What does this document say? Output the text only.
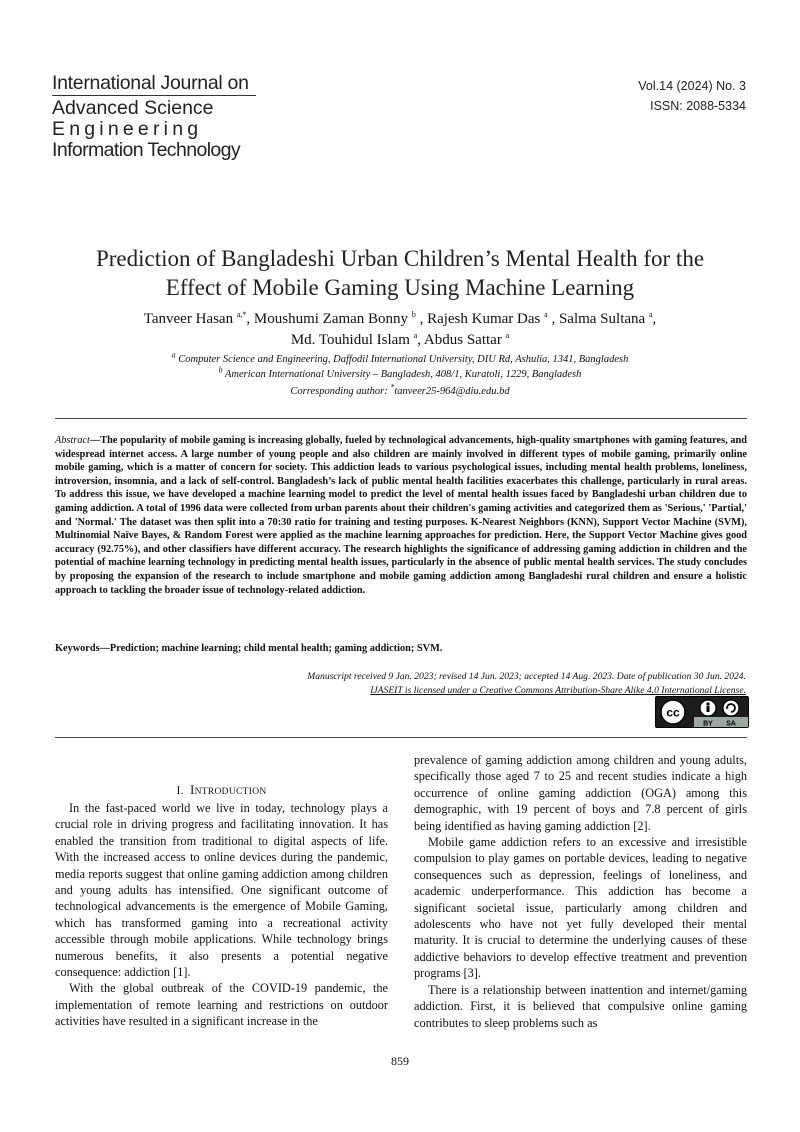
International Journal on
Advanced Science
Engineering
Information Technology
Vol.14 (2024) No. 3
ISSN: 2088-5334
Prediction of Bangladeshi Urban Children’s Mental Health for the
Effect of Mobile Gaming Using Machine Learning
Tanveer Hasan $^{a,*}$, Moushumi Zaman Bonny $^b$ , Rajesh Kumar Das $^a$ , Salma Sultana $^a$,
Md. Touhidul Islam $^a$, Abdus Sattar $^a$
$^a$ Computer Science and Engineering, Daffodil International University, DIU Rd, Ashulia, 1341, Bangladesh
$^b$ American International University – Bangladesh, 408/1, Kuratoli, 1229, Bangladesh
Corresponding author: *tanveer25-964@diu.edu.bd
Abstract—The popularity of mobile gaming is increasing globally, fueled by technological advancements, high-quality smartphones with gaming features, and widespread internet access. A large number of young people and also children are mainly involved in different types of mobile gaming, primarily online mobile gaming, which is a matter of concern for society. This addiction leads to various psychological issues, including mental health problems, loneliness, introversion, insomnia, and a lack of self-control. Bangladesh’s lack of public mental health facilities exacerbates this challenge, particularly in rural areas. To address this issue, we have developed a machine learning model to predict the level of mental health issues faced by Bangladeshi urban children due to gaming addiction. A total of 1996 data were collected from urban parents about their children's gaming activities and categorized them as 'Serious,' 'Partial,' and 'Normal.' The dataset was then split into a 70:30 ratio for training and testing purposes. K-Nearest Neighbors (KNN), Support Vector Machine (SVM), Multinomial Naïve Bayes, & Random Forest were applied as the machine learning approaches for prediction. Here, the Support Vector Machine gives good accuracy (92.75%), and other classifiers have different accuracy. The research highlights the significance of addressing gaming addiction in children and the potential of machine learning technology in predicting mental health issues, particularly in the absence of public mental health services. The study concludes by proposing the expansion of the research to include smartphone and mobile gaming addiction among Bangladeshi rural children and ensure a holistic approach to tackling the broader issue of technology-related addiction.
Keywords—Prediction; machine learning; child mental health; gaming addiction; SVM.
Manuscript received 9 Jan. 2023; revised 14 Jun. 2023; accepted 14 Aug. 2023. Date of publication 30 Jun. 2024.
IJASEIT is licensed under a Creative Commons Attribution-Share Alike 4.0 International License.
cc
BY SA
I. INTRODUCTION

In the fast-paced world we live in today, technology plays a crucial role in driving progress and facilitating innovation. It has enabled the transition from traditional to digital aspects of life. With the increased access to online devices during the pandemic, media reports suggest that online gaming addiction among children and young adults has intensified. One significant outcome of technological advancements is the emergence of Mobile Gaming, which has transformed gaming into a recreational activity accessible through mobile applications. While technology brings numerous benefits, it also presents a potential negative consequence: addiction [1].

With the global outbreak of the COVID-19 pandemic, the implementation of remote learning and restrictions on outdoor activities have resulted in a significant increase in the

prevalence of gaming addiction among children and young adults, specifically those aged 7 to 25 and recent studies indicate a high occurrence of online gaming addiction (OGA) among this demographic, with 19 percent of boys and 7.8 percent of girls being identified as having gaming addiction [2].

Mobile game addiction refers to an excessive and irresistible compulsion to play games on portable devices, leading to negative consequences such as depression, feelings of loneliness, and academic underperformance. This addiction has become a significant societal issue, particularly among children and adolescents who have not yet fully developed their mental maturity. It is crucial to determine the underlying causes of these addictive behaviors to develop effective treatment and prevention programs [3].

There is a relationship between inattention and internet/gaming addiction. First, it is believed that compulsive online gaming contributes to sleep problems such as

859
